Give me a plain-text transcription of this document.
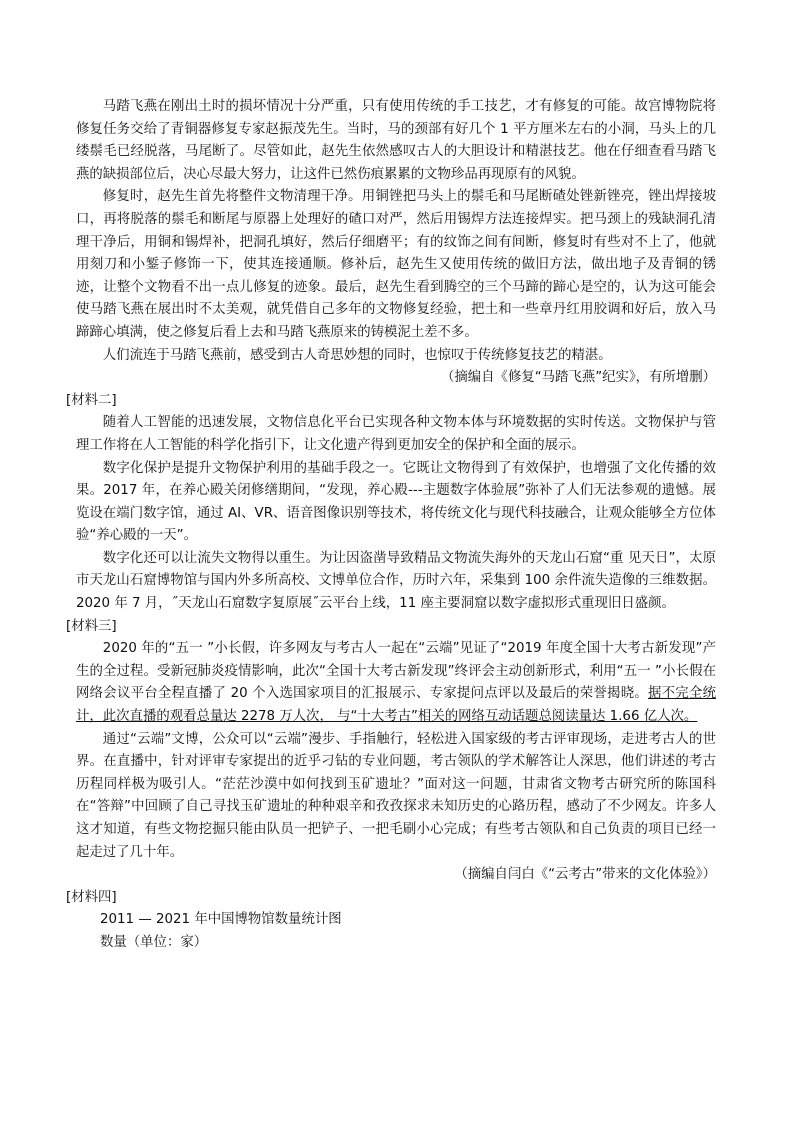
马踏飞燕在刚出土时的损坏情况十分严重，只有使用传统的手工技艺，才有修复的可能。故宫博物院将修复任务交给了青铜器修复专家赵振茂先生。当时，马的颈部有好几个 1 平方厘米左右的小洞，马头上的几缕鬃毛已经脱落，马尾断了。尽管如此，赵先生依然感叹古人的大胆设计和精湛技艺。他在仔细查看马踏飞燕的缺损部位后，决心尽最大努力，让这件已然伤痕累累的文物珍品再现原有的风貌。

修复时，赵先生首先将整件文物清理干净。用铜锉把马头上的鬃毛和马尾断碴处锉新锉亮，锉出焊接坡口，再将脱落的鬃毛和断尾与原器上处理好的碴口对严，然后用锡焊方法连接焊实。把马颈上的残缺洞孔清理干净后，用铜和锡焊补，把洞孔填好，然后仔细磨平；有的纹饰之间有间断，修复时有些对不上了，他就用刻刀和小錾子修饰一下，使其连接通顺。修补后，赵先生又使用传统的做旧方法，做出地子及青铜的锈迹，让整个文物看不出一点儿修复的迹象。最后，赵先生看到腾空的三个马蹄的蹄心是空的，认为这可能会使马踏飞燕在展出时不太美观，就凭借自己多年的文物修复经验，把土和一些章丹红用胶调和好后，放入马蹄蹄心填满，使之修复后看上去和马踏飞燕原来的铸模泥土差不多。

人们流连于马踏飞燕前，感受到古人奇思妙想的同时，也惊叹于传统修复技艺的精湛。

（摘编自《修复“马踏飞燕”纪实》，有所增删）

[材料二]

随着人工智能的迅速发展，文物信息化平台已实现各种文物本体与环境数据的实时传送。文物保护与管理工作将在人工智能的科学化指引下，让文化遗产得到更加安全的保护和全面的展示。

数字化保护是提升文物保护利用的基础手段之一。它既让文物得到了有效保护，也增强了文化传播的效果。2017 年，在养心殿关闭修缮期间，“发现，养心殿---主题数字体验展”弥补了人们无法参观的遗憾。展览设在端门数字馆，通过 AI、VR、语音图像识别等技术，将传统文化与现代科技融合，让观众能够全方位体验“养心殿的一天”。

数字化还可以让流失文物得以重生。为让因盗凿导致精品文物流失海外的天龙山石窟“重 见天日”，太原市天龙山石窟博物馆与国内外多所高校、文博单位合作，历时六年，采集到 100 余件流失造像的三维数据。2020 年 7 月，˝天龙山石窟数字复原展˝云平台上线，11 座主要洞窟以数字虚拟形式重现旧日盛颜。

[材料三]

2020 年的“五一 ”小长假，许多网友与考古人一起在“云端”见证了“2019 年度全国十大考古新发现”产生的全过程。受新冠肺炎疫情影响，此次“全国十大考古新发现”终评会主动创新形式，利用“五一 ”小长假在网络会议平台全程直播了 20 个入选国家项目的汇报展示、专家提问点评以及最后的荣誉揭晓。据不完全统计，此次直播的观看总量达 2278 万人次， 与“十大考古”相关的网络互动话题总阅读量达 1.66 亿人次。

通过“云端”文博，公众可以“云端”漫步、手指触行，轻松进入国家级的考古评审现场，走进考古人的世界。在直播中，针对评审专家提出的近乎刁钻的专业问题，考古领队的学术解答让人深思，他们讲述的考古历程同样极为吸引人。“茫茫沙漠中如何找到玉矿遗址？”面对这一问题，甘肃省文物考古研究所的陈国科在“答辩”中回顾了自己寻找玉矿遗址的种种艰辛和孜孜探求未知历史的心路历程，感动了不少网友。许多人这才知道，有些文物挖掘只能由队员一把铲子、一把毛刷小心完成；有些考古领队和自己负责的项目已经一起走过了几十年。

（摘编自闫白《“云考古”带来的文化体验》）

[材料四]

2011 — 2021 年中国博物馆数量统计图

数量（单位：家）
